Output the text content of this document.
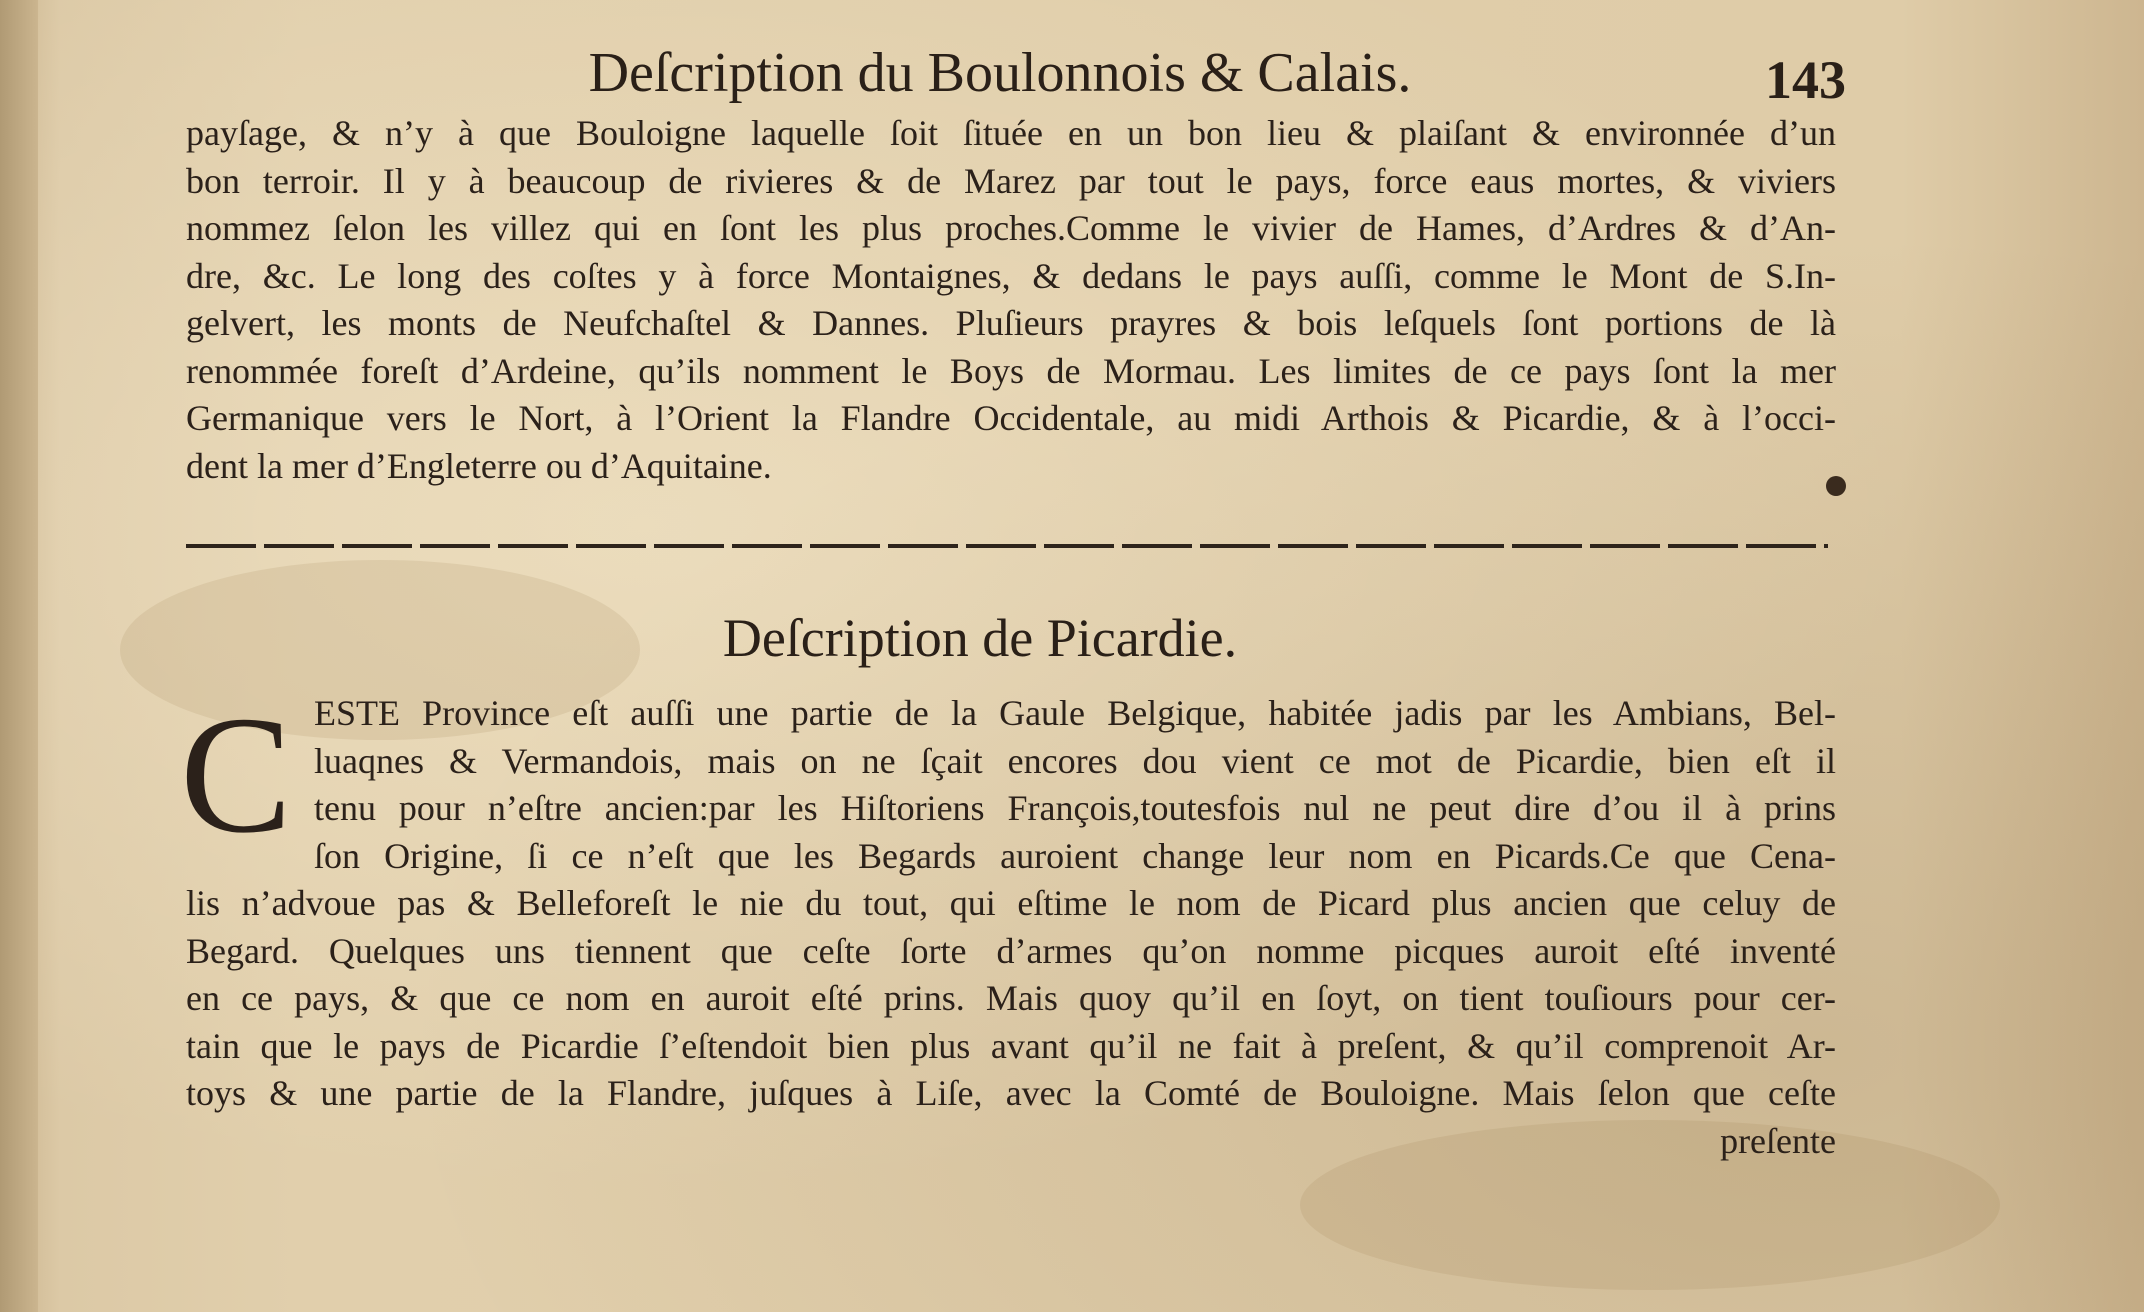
Deſcription du Boulonnois & Calais.	143
payſage, & n’y à que Bouloigne laquelle ſoit ſituée en un bon lieu & plaiſant & environnée d’un
bon terroir. Il y à beaucoup de rivieres & de Marez par tout le pays, force eaus mortes, & viviers
nommez ſelon les villez qui en ſont les plus proches.Comme le vivier de Hames, d’Ardres & d’An-
dre, &c. Le long des coſtes y à force Montaignes, & dedans le pays auſſi, comme le Mont de S.In-
gelvert, les monts de Neufchaſtel & Dannes. Pluſieurs prayres & bois leſquels ſont portions de là
renommée foreſt d’Ardeine, qu’ils nomment le Boys de Mormau. Les limites de ce pays ſont la mer
Germanique vers le Nort, à l’Orient la Flandre Occidentale, au midi Arthois & Picardie, & à l’occi-
dent la mer d’Engleterre ou d’Aquitaine.
Deſcription de Picardie.
C ESTE Province eſt auſſi une partie de la Gaule Belgique, habitée jadis par les Ambians, Bel-
luaqnes & Vermandois, mais on ne ſçait encores dou vient ce mot de Picardie, bien eſt il
tenu pour n’eſtre ancien:par les Hiſtoriens François,toutesfois nul ne peut dire d’ou il à prins
ſon Origine, ſi ce n’eſt que les Begards auroient change leur nom en Picards.Ce que Cena-
lis n’advoue pas & Belleforeſt le nie du tout, qui eſtime le nom de Picard plus ancien que celuy de
Begard. Quelques uns tiennent que ceſte ſorte d’armes qu’on nomme picques auroit eſté inventé
en ce pays, & que ce nom en auroit eſté prins. Mais quoy qu’il en ſoyt, on tient touſiours pour cer-
tain que le pays de Picardie ſ’eſtendoit bien plus avant qu’il ne fait à preſent, & qu’il comprenoit Ar-
toys & une partie de la Flandre, juſques à Liſe, avec la Comté de Bouloigne. Mais ſelon que ceſte
preſente
